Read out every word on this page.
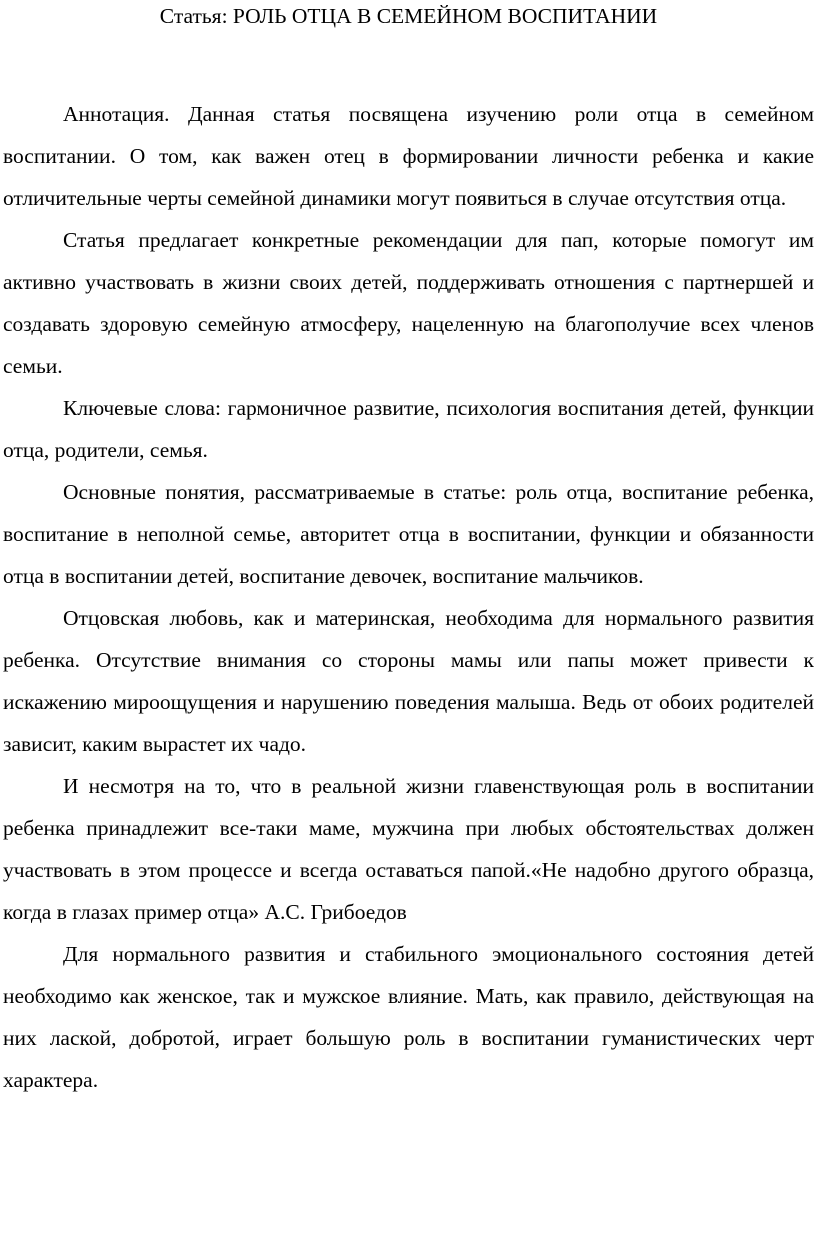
Статья: РОЛЬ ОТЦА В СЕМЕЙНОМ ВОСПИТАНИИ

Аннотация. Данная статья посвящена изучению роли отца в семейном воспитании. О том, как важен отец в формировании личности ребенка и какие отличительные черты семейной динамики могут появиться в случае отсутствия отца.

Статья предлагает конкретные рекомендации для пап, которые помогут им активно участвовать в жизни своих детей, поддерживать отношения с партнершей и создавать здоровую семейную атмосферу, нацеленную на благополучие всех членов семьи.

Ключевые слова: гармоничное развитие, психология воспитания детей, функции отца, родители, семья.

Основные понятия, рассматриваемые в статье: роль отца, воспитание ребенка, воспитание в неполной семье, авторитет отца в воспитании, функции и обязанности отца в воспитании детей, воспитание девочек, воспитание мальчиков.

Отцовская любовь, как и материнская, необходима для нормального развития ребенка. Отсутствие внимания со стороны мамы или папы может привести к искажению мироощущения и нарушению поведения малыша. Ведь от обоих родителей зависит, каким вырастет их чадо.

И несмотря на то, что в реальной жизни главенствующая роль в воспитании ребенка принадлежит все-таки маме, мужчина при любых обстоятельствах должен участвовать в этом процессе и всегда оставаться папой.«Не надобно другого образца, когда в глазах пример отца» А.С. Грибоедов

Для нормального развития и стабильного эмоционального состояния детей необходимо как женское, так и мужское влияние. Мать, как правило, действующая на них лаской, добротой, играет большую роль в воспитании гуманистических черт характера.
